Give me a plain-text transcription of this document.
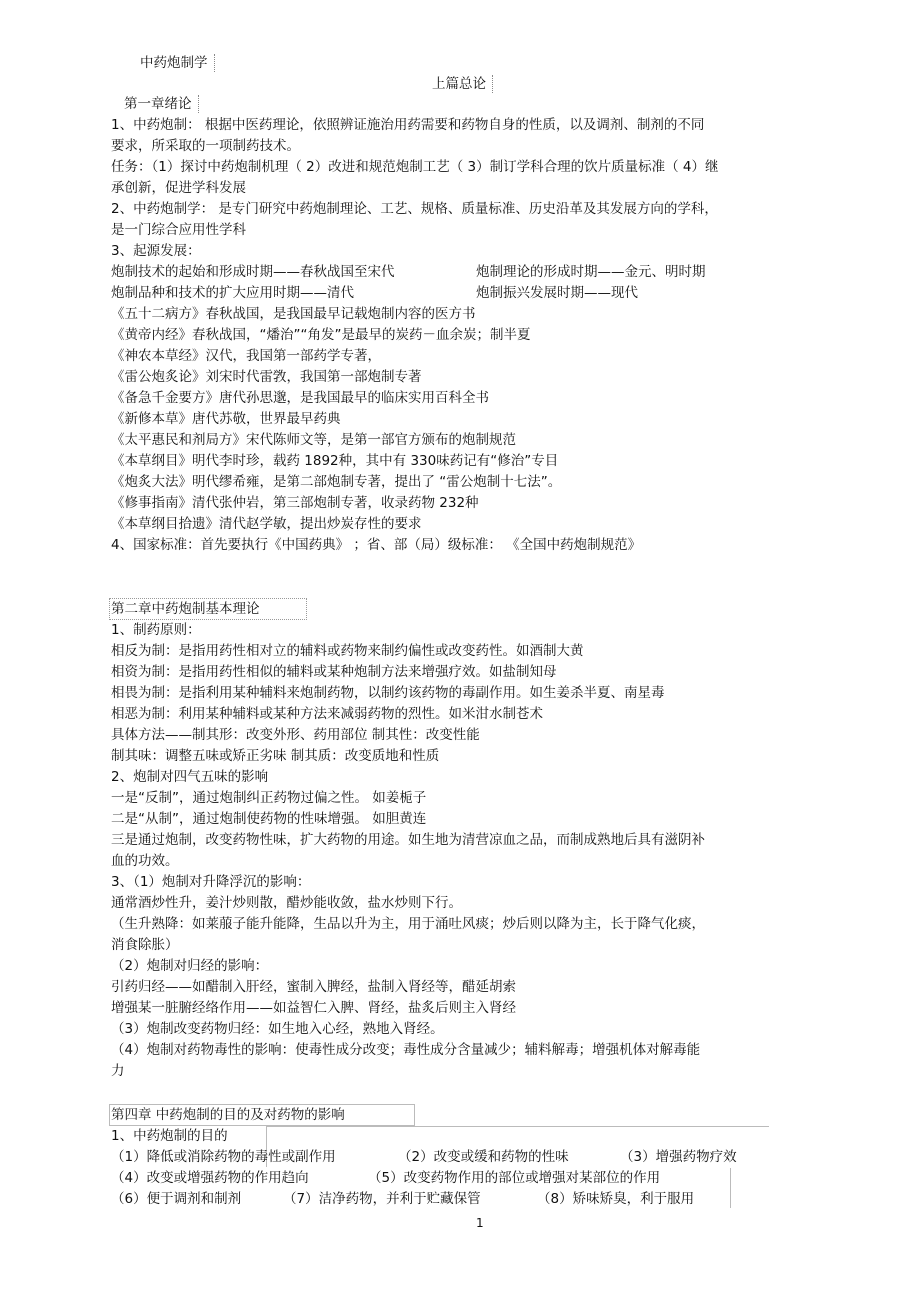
中药炮制学
上篇总论
第一章绪论
1、中药炮制： 根据中医药理论，依照辨证施治用药需要和药物自身的性质，以及调剂、制剂的不同
要求，所采取的一项制药技术。
任务：（1）探讨中药炮制机理（ 2）改进和规范炮制工艺（ 3）制订学科合理的饮片质量标准（ 4）继
承创新，促进学科发展
2、中药炮制学： 是专门研究中药炮制理论、工艺、规格、质量标准、历史沿革及其发展方向的学科，
是一门综合应用性学科
3、起源发展：
炮制技术的起始和形成时期——春秋战国至宋代	炮制理论的形成时期——金元、明时期
炮制品种和技术的扩大应用时期——清代	炮制振兴发展时期——现代
《五十二病方》春秋战国，是我国最早记载炮制内容的医方书
《黄帝内经》春秋战国，“燔治”“角发”是最早的炭药－血余炭；制半夏
《神农本草经》汉代，我国第一部药学专著，
《雷公炮炙论》刘宋时代雷敩，我国第一部炮制专著
《备急千金要方》唐代孙思邈，是我国最早的临床实用百科全书
《新修本草》唐代苏敬，世界最早药典
《太平惠民和剂局方》宋代陈师文等，是第一部官方颁布的炮制规范
《本草纲目》明代李时珍，载药 1892种，其中有 330味药记有“修治”专目
《炮炙大法》明代缪希雍，是第二部炮制专著，提出了 “雷公炮制十七法”。
《修事指南》清代张仲岩，第三部炮制专著，收录药物 232种
《本草纲目拾遗》清代赵学敏，提出炒炭存性的要求
4、国家标准：首先要执行《中国药典》 ；省、部（局）级标准： 《全国中药炮制规范》
第二章中药炮制基本理论
1、制药原则：
相反为制：是指用药性相对立的辅料或药物来制约偏性或改变药性。如酒制大黄
相资为制：是指用药性相似的辅料或某种炮制方法来增强疗效。如盐制知母
相畏为制：是指利用某种辅料来炮制药物，以制约该药物的毒副作用。如生姜杀半夏、南星毒
相恶为制：利用某种辅料或某种方法来减弱药物的烈性。如米泔水制苍术
具体方法——制其形：改变外形、药用部位 制其性：改变性能
制其味：调整五味或矫正劣味 制其质：改变质地和性质
2、炮制对四气五味的影响
一是“反制”，通过炮制纠正药物过偏之性。 如姜栀子
二是“从制”，通过炮制使药物的性味增强。 如胆黄连
三是通过炮制，改变药物性味，扩大药物的用途。如生地为清营凉血之品，而制成熟地后具有滋阴补
血的功效。
3、（1）炮制对升降浮沉的影响：
通常酒炒性升，姜汁炒则散，醋炒能收敛，盐水炒则下行。
（生升熟降：如莱菔子能升能降，生品以升为主，用于涌吐风痰；炒后则以降为主，长于降气化痰，
消食除胀）
（2）炮制对归经的影响：
引药归经——如醋制入肝经，蜜制入脾经，盐制入肾经等，醋延胡索
增强某一脏腑经络作用——如益智仁入脾、肾经，盐炙后则主入肾经
（3）炮制改变药物归经：如生地入心经，熟地入肾经。
（4）炮制对药物毒性的影响：使毒性成分改变；毒性成分含量减少；辅料解毒；增强机体对解毒能
力
第四章 中药炮制的目的及对药物的影响
1、中药炮制的目的
（1）降低或消除药物的毒性或副作用	（2）改变或缓和药物的性味	（3）增强药物疗效
（4）改变或增强药物的作用趋向	（5）改变药物作用的部位或增强对某部位的作用
（6）便于调剂和制剂	（7）洁净药物，并利于贮藏保管	（8）矫味矫臭，利于服用
1
